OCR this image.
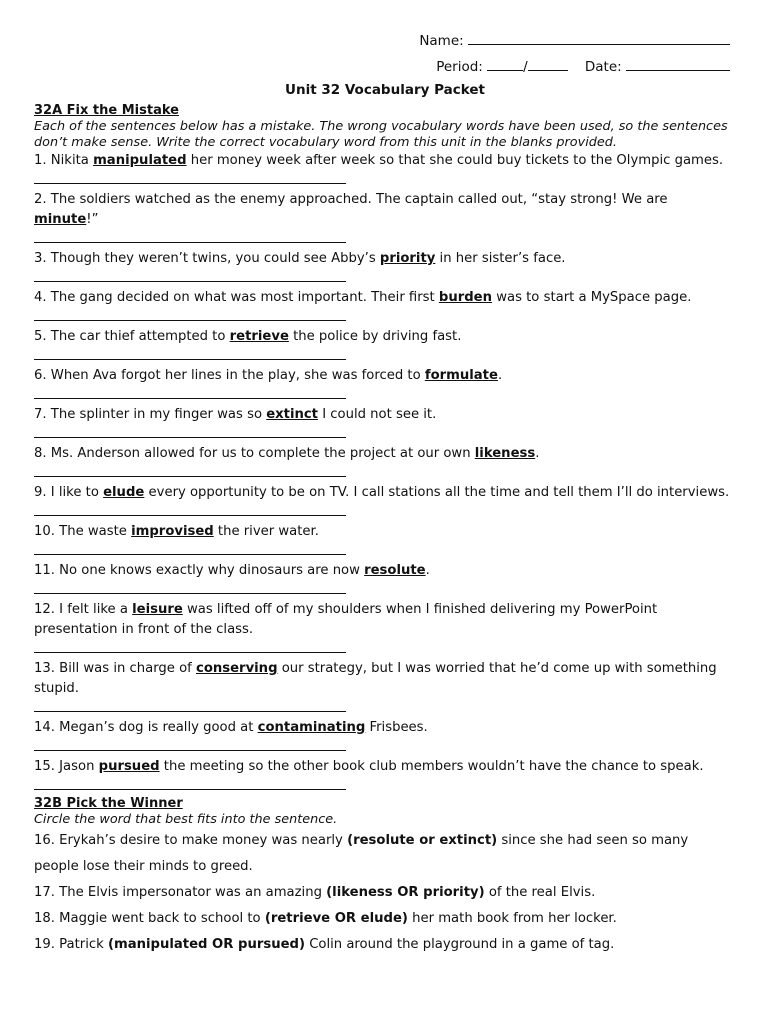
Name:
Period:	/	Date:
Unit 32 Vocabulary Packet
32A Fix the Mistake
Each of the sentences below has a mistake. The wrong vocabulary words have been used, so the sentences don’t make sense. Write the correct vocabulary word from this unit in the blanks provided.
1. Nikita manipulated her money week after week so that she could buy tickets to the Olympic games.
2. The soldiers watched as the enemy approached. The captain called out, “stay strong! We are minute!”
3. Though they weren’t twins, you could see Abby’s priority in her sister’s face.
4. The gang decided on what was most important. Their first burden was to start a MySpace page.
5. The car thief attempted to retrieve the police by driving fast.
6. When Ava forgot her lines in the play, she was forced to formulate.
7. The splinter in my finger was so extinct I could not see it.
8. Ms. Anderson allowed for us to complete the project at our own likeness.
9. I like to elude every opportunity to be on TV. I call stations all the time and tell them I’ll do interviews.
10. The waste improvised the river water.
11. No one knows exactly why dinosaurs are now resolute.
12. I felt like a leisure was lifted off of my shoulders when I finished delivering my PowerPoint presentation in front of the class.
13. Bill was in charge of conserving our strategy, but I was worried that he’d come up with something stupid.
14. Megan’s dog is really good at contaminating Frisbees.
15. Jason pursued the meeting so the other book club members wouldn’t have the chance to speak.
32B Pick the Winner
Circle the word that best fits into the sentence.
16. Erykah’s desire to make money was nearly (resolute or extinct) since she had seen so many people lose their minds to greed.
17. The Elvis impersonator was an amazing (likeness OR priority) of the real Elvis.
18. Maggie went back to school to (retrieve OR elude) her math book from her locker.
19. Patrick (manipulated OR pursued) Colin around the playground in a game of tag.
